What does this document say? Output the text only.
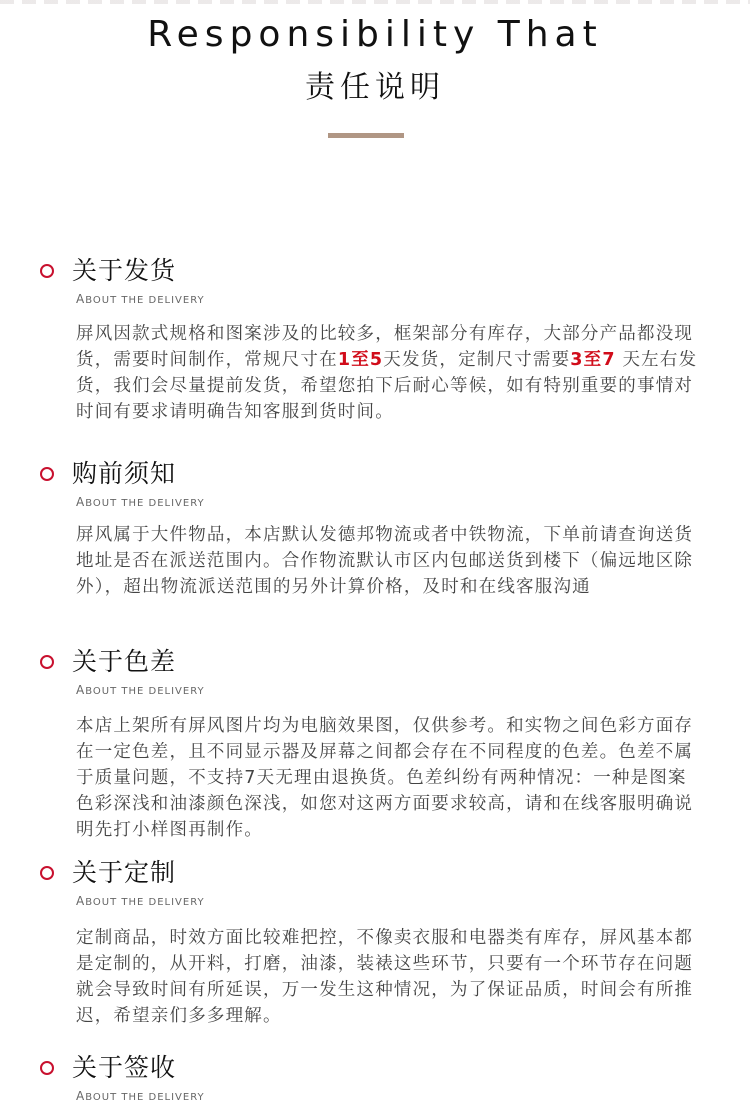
Responsibility That
责任说明
关于发货
ABOUT THE DELIVERY
屏风因款式规格和图案涉及的比较多，框架部分有库存，大部分产品都没现货，需要时间制作，常规尺寸在1至5天发货，定制尺寸需要3至7 天左右发货，我们会尽量提前发货，希望您拍下后耐心等候，如有特别重要的事情对时间有要求请明确告知客服到货时间。
购前须知
ABOUT THE DELIVERY
屏风属于大件物品，本店默认发德邦物流或者中铁物流，下单前请查询送货地址是否在派送范围内。合作物流默认市区内包邮送货到楼下（偏远地区除外），超出物流派送范围的另外计算价格，及时和在线客服沟通
关于色差
ABOUT THE DELIVERY
本店上架所有屏风图片均为电脑效果图，仅供参考。和实物之间色彩方面存在一定色差，且不同显示器及屏幕之间都会存在不同程度的色差。色差不属于质量问题，不支持7天无理由退换货。色差纠纷有两种情况：一种是图案色彩深浅和油漆颜色深浅，如您对这两方面要求较高，请和在线客服明确说明先打小样图再制作。
关于定制
ABOUT THE DELIVERY
定制商品，时效方面比较难把控，不像卖衣服和电器类有库存，屏风基本都是定制的，从开料，打磨，油漆，装裱这些环节，只要有一个环节存在问题就会导致时间有所延误，万一发生这种情况，为了保证品质，时间会有所推迟，希望亲们多多理解。
关于签收
ABOUT THE DELIVERY
